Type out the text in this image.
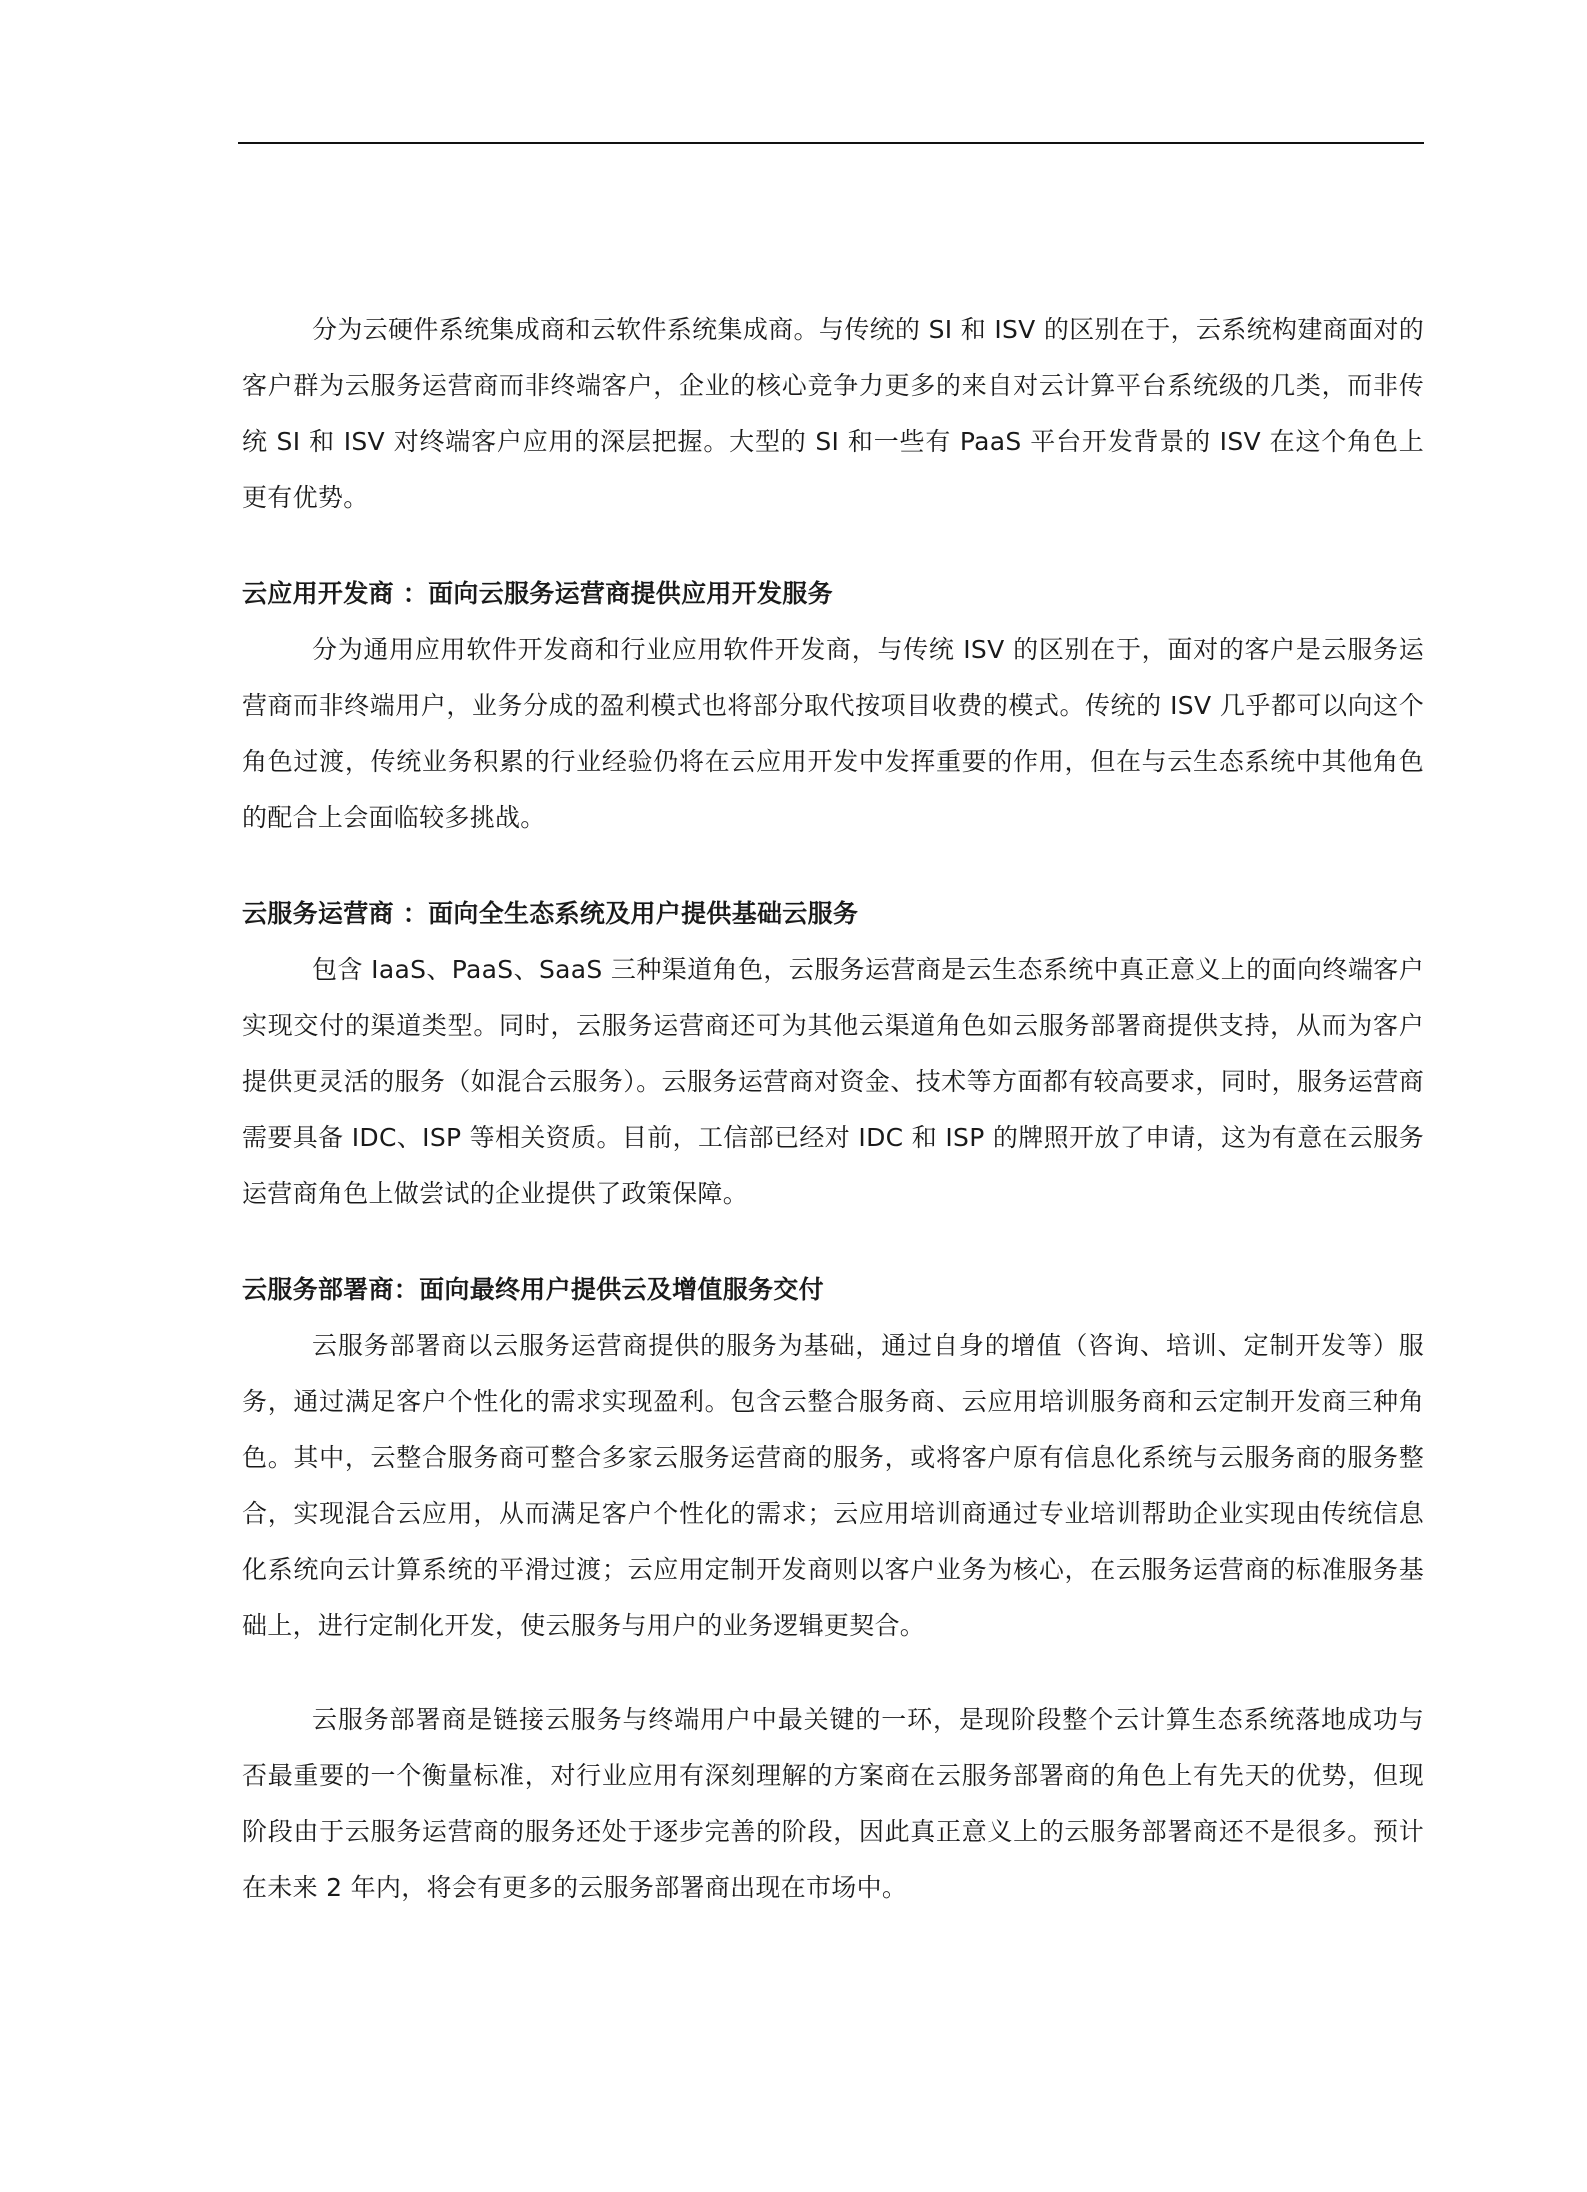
分为云硬件系统集成商和云软件系统集成商。与传统的 SI 和 ISV 的区别在于，云系统构建商面对的客户群为云服务运营商而非终端客户，企业的核心竞争力更多的来自对云计算平台系统级的几类，而非传统 SI 和 ISV 对终端客户应用的深层把握。大型的 SI 和一些有 PaaS 平台开发背景的 ISV 在这个角色上更有优势。

云应用开发商 ：面向云服务运营商提供应用开发服务

分为通用应用软件开发商和行业应用软件开发商，与传统 ISV 的区别在于，面对的客户是云服务运营商而非终端用户，业务分成的盈利模式也将部分取代按项目收费的模式。传统的 ISV 几乎都可以向这个角色过渡，传统业务积累的行业经验仍将在云应用开发中发挥重要的作用，但在与云生态系统中其他角色的配合上会面临较多挑战。

云服务运营商 ：面向全生态系统及用户提供基础云服务

包含 IaaS、PaaS、SaaS 三种渠道角色，云服务运营商是云生态系统中真正意义上的面向终端客户实现交付的渠道类型。同时，云服务运营商还可为其他云渠道角色如云服务部署商提供支持，从而为客户提供更灵活的服务（如混合云服务）。云服务运营商对资金、技术等方面都有较高要求，同时，服务运营商需要具备 IDC、ISP 等相关资质。目前，工信部已经对 IDC 和 ISP 的牌照开放了申请，这为有意在云服务运营商角色上做尝试的企业提供了政策保障。

云服务部署商：面向最终用户提供云及增值服务交付

云服务部署商以云服务运营商提供的服务为基础，通过自身的增值（咨询、培训、定制开发等）服务，通过满足客户个性化的需求实现盈利。包含云整合服务商、云应用培训服务商和云定制开发商三种角色。其中，云整合服务商可整合多家云服务运营商的服务，或将客户原有信息化系统与云服务商的服务整合，实现混合云应用，从而满足客户个性化的需求；云应用培训商通过专业培训帮助企业实现由传统信息化系统向云计算系统的平滑过渡；云应用定制开发商则以客户业务为核心，在云服务运营商的标准服务基础上，进行定制化开发，使云服务与用户的业务逻辑更契合。

云服务部署商是链接云服务与终端用户中最关键的一环，是现阶段整个云计算生态系统落地成功与否最重要的一个衡量标准，对行业应用有深刻理解的方案商在云服务部署商的角色上有先天的优势，但现阶段由于云服务运营商的服务还处于逐步完善的阶段，因此真正意义上的云服务部署商还不是很多。预计在未来 2 年内，将会有更多的云服务部署商出现在市场中。
